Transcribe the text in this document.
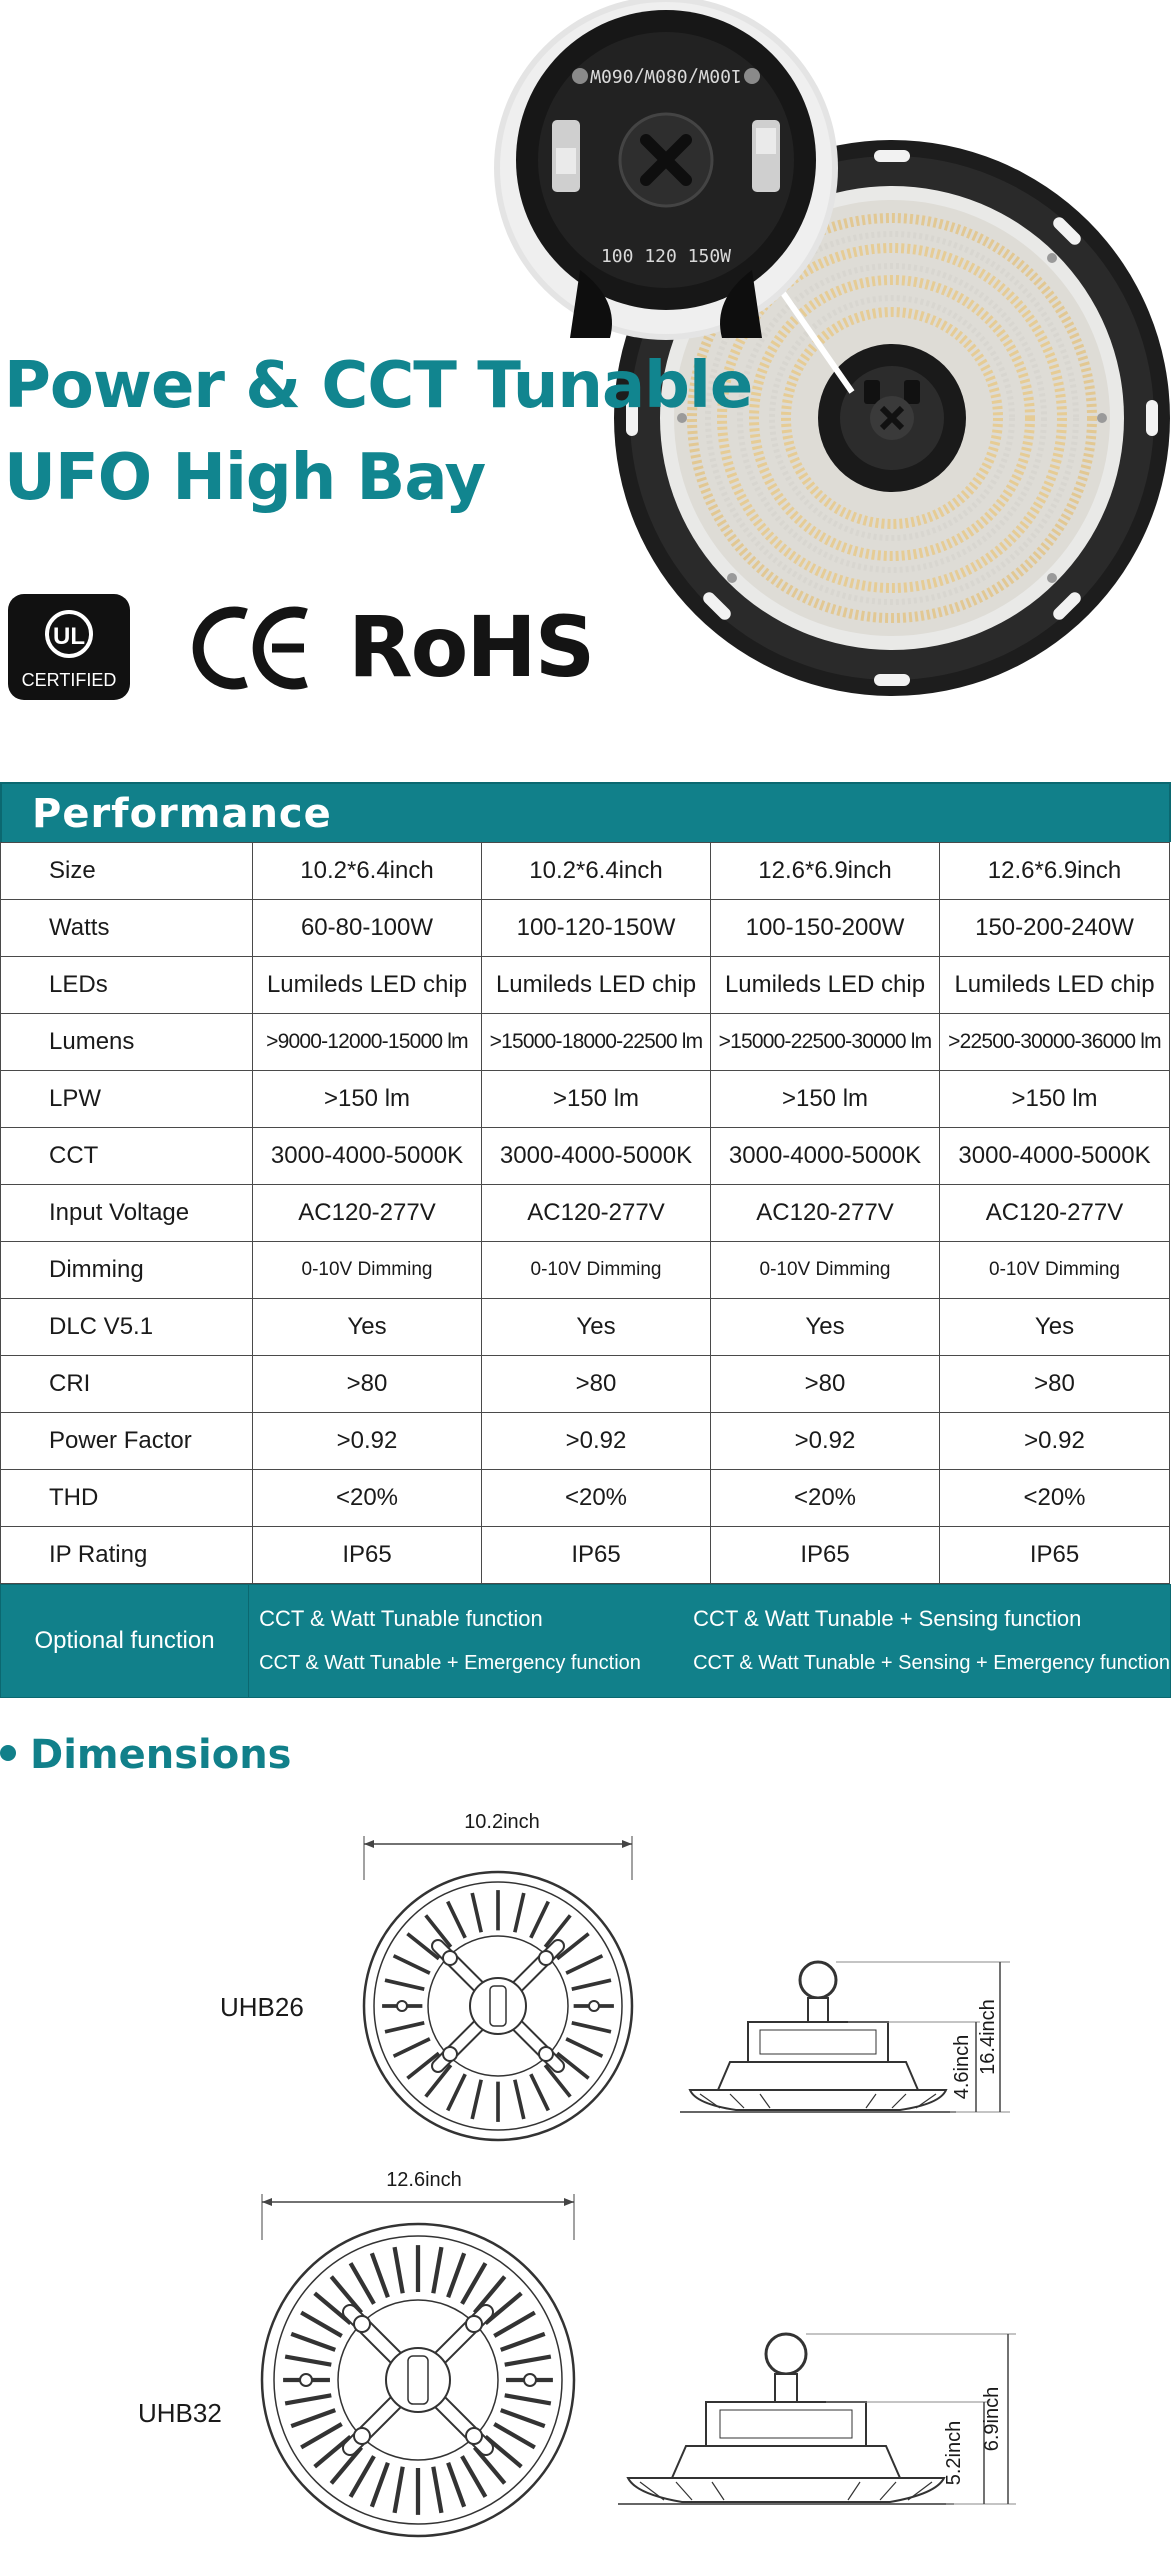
100W/080W/060W
100 120 150W
Power & CCT Tunable
UFO High Bay
UL
CERTIFIED	RoHS
Performance
Size	10.2*6.4inch	10.2*6.4inch	12.6*6.9inch	12.6*6.9inch
Watts	60-80-100W	100-120-150W	100-150-200W	150-200-240W
LEDs	Lumileds LED chip	Lumileds LED chip	Lumileds LED chip	Lumileds LED chip
Lumens	>9000-12000-15000 lm	>15000-18000-22500 lm	>15000-22500-30000 lm	>22500-30000-36000 lm
LPW	>150 lm	>150 lm	>150 lm	>150 lm
CCT	3000-4000-5000K	3000-4000-5000K	3000-4000-5000K	3000-4000-5000K
Input Voltage	AC120-277V	AC120-277V	AC120-277V	AC120-277V
Dimming	0-10V Dimming	0-10V Dimming	0-10V Dimming	0-10V Dimming
DLC V5.1	Yes	Yes	Yes	Yes
CRI	>80	>80	>80	>80
Power Factor	>0.92	>0.92	>0.92	>0.92
THD	<20%	<20%	<20%	<20%
IP Rating	IP65	IP65	IP65	IP65
Optional function
CCT & Watt Tunable function	CCT & Watt Tunable + Sensing function
CCT & Watt Tunable + Emergency function	CCT & Watt Tunable + Sensing + Emergency function
Dimensions
UHB26
UHB32
10.2inch
4.6inch 16.4inch
12.6inch
5.2inch
6.9inch
